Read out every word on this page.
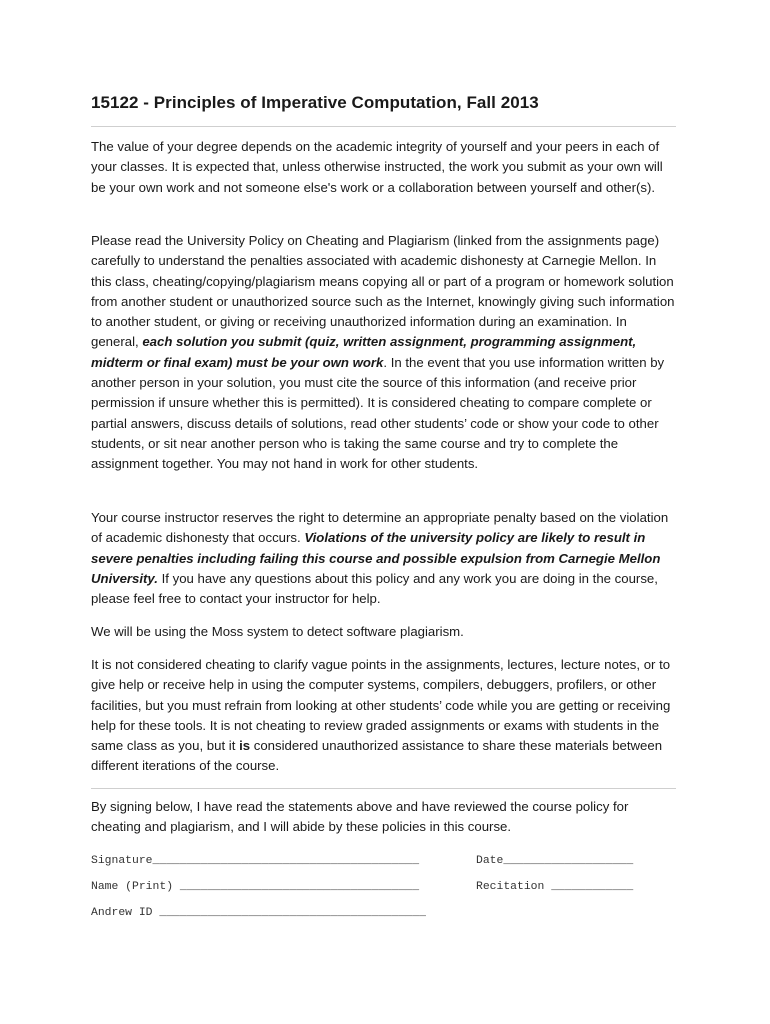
15122 - Principles of Imperative Computation, Fall 2013

The value of your degree depends on the academic integrity of yourself and your peers in each of your classes. It is expected that, unless otherwise instructed, the work you submit as your own will be your own work and not someone else's work or a collaboration between yourself and other(s).

Please read the University Policy on Cheating and Plagiarism (linked from the assignments page) carefully to understand the penalties associated with academic dishonesty at Carnegie Mellon. In this class, cheating/copying/plagiarism means copying all or part of a program or homework solution from another student or unauthorized source such as the Internet, knowingly giving such information to another student, or giving or receiving unauthorized information during an examination. In general, each solution you submit (quiz, written assignment, programming assignment, midterm or final exam) must be your own work. In the event that you use information written by another person in your solution, you must cite the source of this information (and receive prior permission if unsure whether this is permitted). It is considered cheating to compare complete or partial answers, discuss details of solutions, read other students’ code or show your code to other students, or sit near another person who is taking the same course and try to complete the assignment together. You may not hand in work for other students.

Your course instructor reserves the right to determine an appropriate penalty based on the violation of academic dishonesty that occurs. Violations of the university policy are likely to result in severe penalties including failing this course and possible expulsion from Carnegie Mellon University. If you have any questions about this policy and any work you are doing in the course, please feel free to contact your instructor for help.

We will be using the Moss system to detect software plagiarism.

It is not considered cheating to clarify vague points in the assignments, lectures, lecture notes, or to give help or receive help in using the computer systems, compilers, debuggers, profilers, or other facilities, but you must refrain from looking at other students’ code while you are getting or receiving help for these tools. It is not cheating to review graded assignments or exams with students in the same class as you, but it is considered unauthorized assistance to share these materials between different iterations of the course.

By signing below, I have read the statements above and have reviewed the course policy for cheating and plagiarism, and I will abide by these policies in this course.

Signature_______________________________________	Date___________________
Name (Print) ___________________________________	Recitation ____________
Andrew ID _______________________________________
